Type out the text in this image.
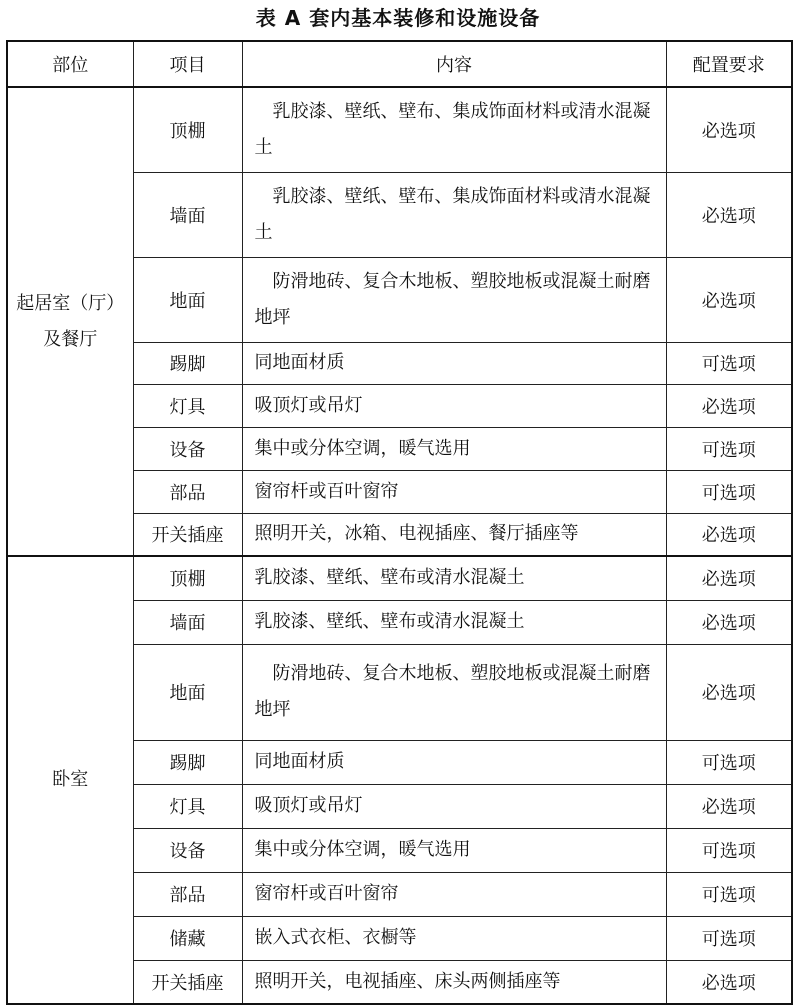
表 A 套内基本装修和设施设备
部位	项目	内容	配置要求

起居室（厅）
及餐厅	顶棚	乳胶漆、壁纸、壁布、集成饰面材料或清水混凝土	必选项
	墙面	乳胶漆、壁纸、壁布、集成饰面材料或清水混凝土	必选项
	地面	防滑地砖、复合木地板、塑胶地板或混凝土耐磨地坪	必选项
	踢脚	同地面材质	可选项
	灯具	吸顶灯或吊灯	必选项
	设备	集中或分体空调，暖气选用	可选项
	部品	窗帘杆或百叶窗帘	可选项
	开关插座	照明开关，冰箱、电视插座、餐厅插座等	必选项

卧室	顶棚	乳胶漆、壁纸、壁布或清水混凝土	必选项
	墙面	乳胶漆、壁纸、壁布或清水混凝土	必选项
	地面	防滑地砖、复合木地板、塑胶地板或混凝土耐磨地坪	必选项
	踢脚	同地面材质	可选项
	灯具	吸顶灯或吊灯	必选项
	设备	集中或分体空调，暖气选用	可选项
	部品	窗帘杆或百叶窗帘	可选项
	储藏	嵌入式衣柜、衣橱等	可选项
	开关插座	照明开关，电视插座、床头两侧插座等	必选项
